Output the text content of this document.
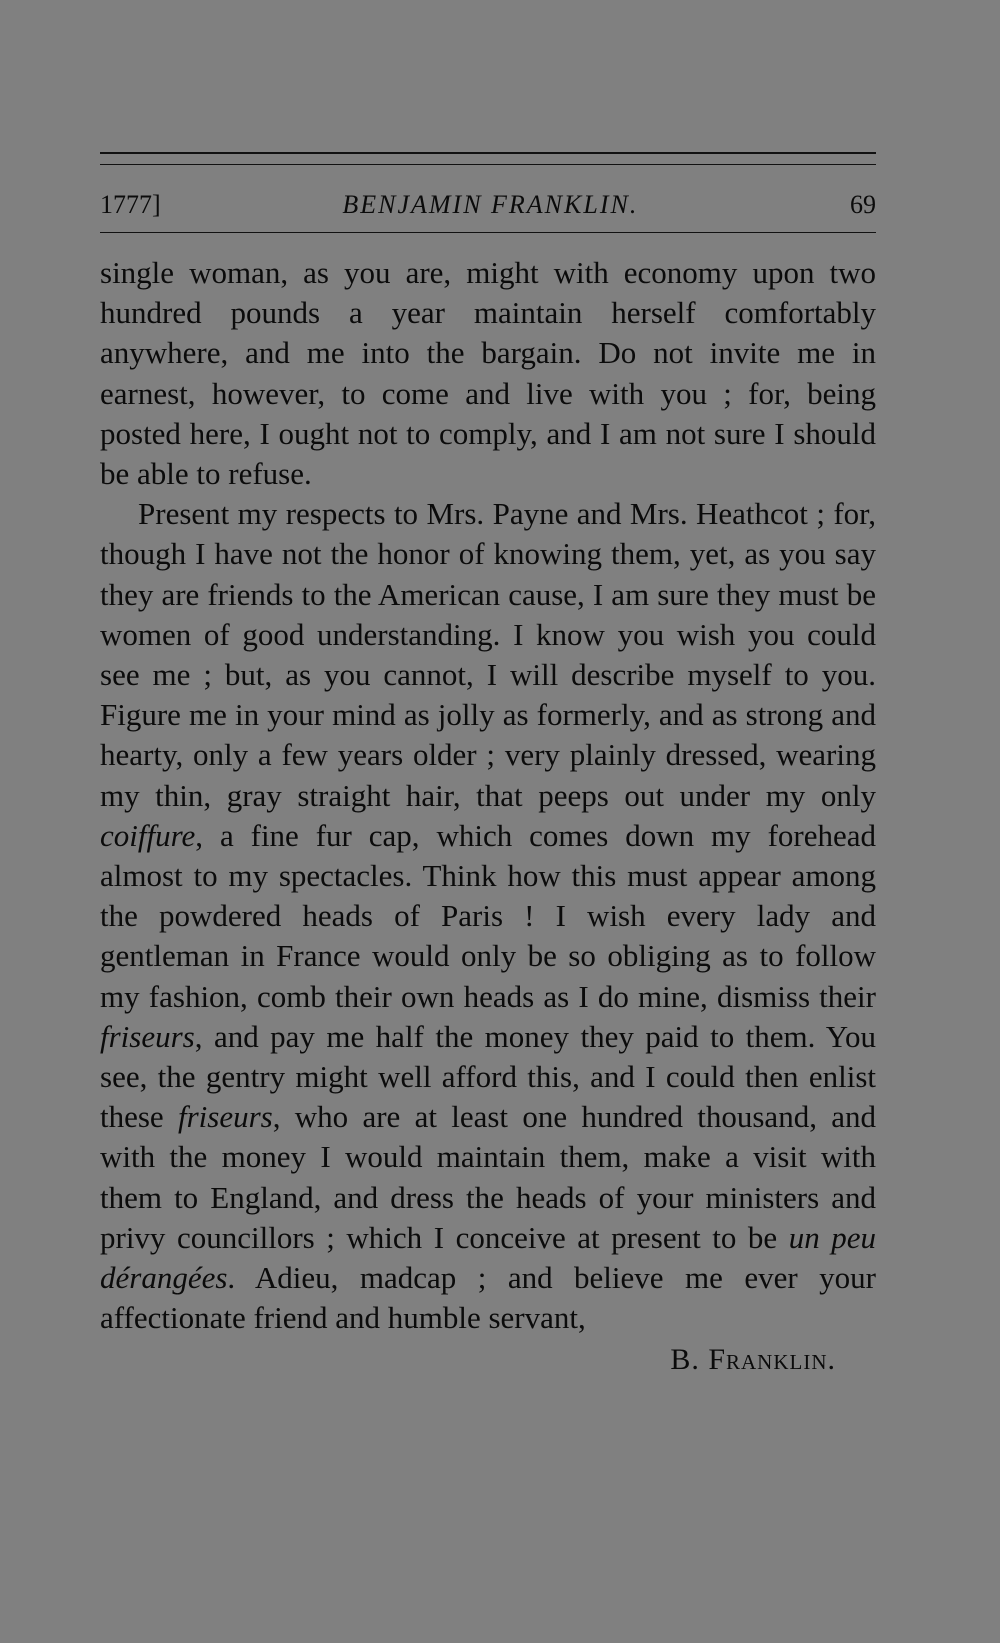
1777]	BENJAMIN FRANKLIN.	69

single woman, as you are, might with economy upon two hundred pounds a year maintain herself comfortably anywhere, and me into the bargain. Do not invite me in earnest, however, to come and live with you ; for, being posted here, I ought not to comply, and I am not sure I should be able to refuse.

Present my respects to Mrs. Payne and Mrs. Heathcot ; for, though I have not the honor of knowing them, yet, as you say they are friends to the American cause, I am sure they must be women of good understanding. I know you wish you could see me ; but, as you cannot, I will describe myself to you. Figure me in your mind as jolly as formerly, and as strong and hearty, only a few years older ; very plainly dressed, wearing my thin, gray straight hair, that peeps out under my only coiffure, a fine fur cap, which comes down my forehead almost to my spectacles. Think how this must appear among the powdered heads of Paris ! I wish every lady and gentleman in France would only be so obliging as to follow my fashion, comb their own heads as I do mine, dismiss their friseurs, and pay me half the money they paid to them. You see, the gentry might well afford this, and I could then enlist these friseurs, who are at least one hundred thousand, and with the money I would maintain them, make a visit with them to England, and dress the heads of your ministers and privy councillors ; which I conceive at present to be un peu dérangées. Adieu, madcap ; and believe me ever your affectionate friend and humble servant,

B. Franklin.
